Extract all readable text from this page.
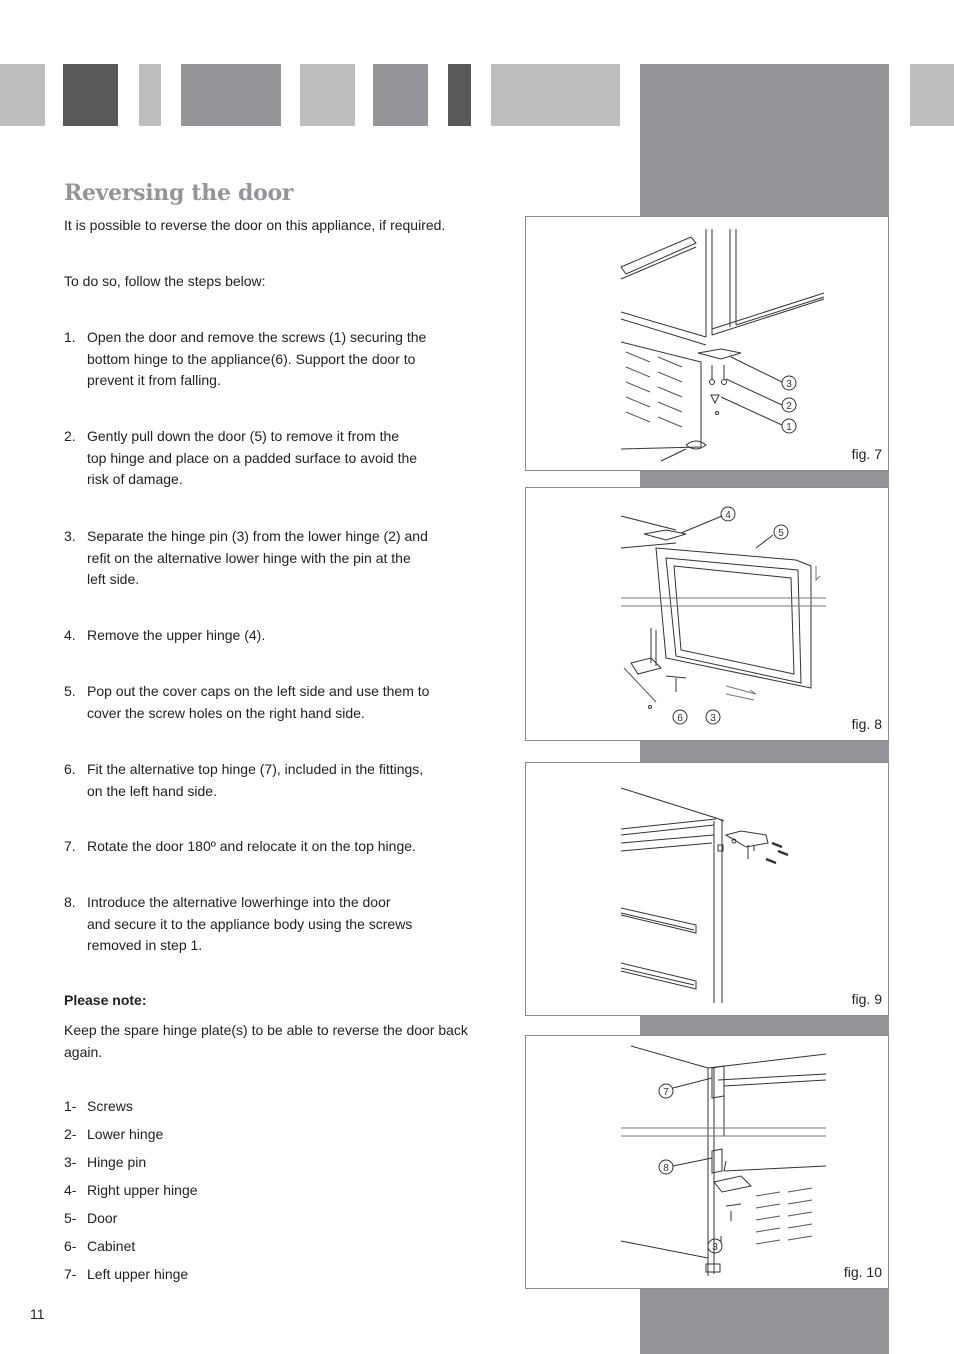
Reversing the door

It is possible to reverse the door on this appliance, if required.

To do so, follow the steps below:

1. Open the door and remove the screws (1) securing the
bottom hinge to the appliance(6). Support the door to
prevent it from falling.
2. Gently pull down the door (5) to remove it from the
top hinge and place on a padded surface to avoid the
risk of damage.
3. Separate the hinge pin (3) from the lower hinge (2) and
refit on the alternative lower hinge with the pin at the
left side.
4. Remove the upper hinge (4).
5. Pop out the cover caps on the left side and use them to
cover the screw holes on the right hand side.
6. Fit the alternative top hinge (7), included in the fittings,
on the left hand side.
7. Rotate the door 180º and relocate it on the top hinge.
8. Introduce the alternative lowerhinge into the door
and secure it to the appliance body using the screws
removed in step 1.
Please note:

Keep the spare hinge plate(s) to be able to reverse the door back
again.

1- Screws
2- Lower hinge
3- Hinge pin
4- Right upper hinge
5- Door
6- Cabinet
7- Left upper hinge
11
3
2
1
fig. 7
4
5
6	3	fig. 8
fig. 9
7
8
3
fig. 10
